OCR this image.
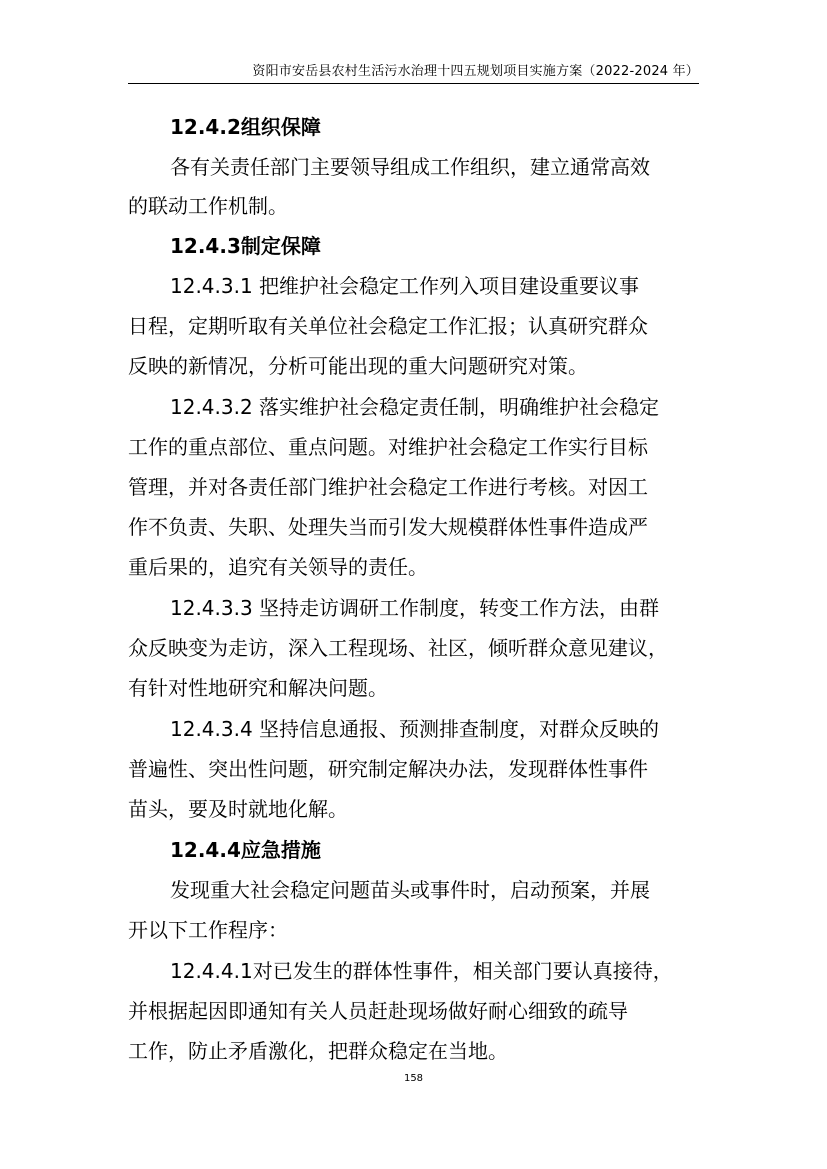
资阳市安岳县农村生活污水治理十四五规划项目实施方案（2022-2024 年）
12.4.2组织保障
各有关责任部门主要领导组成工作组织，建立通常高效
的联动工作机制。
12.4.3制定保障
12.4.3.1 把维护社会稳定工作列入项目建设重要议事
日程，定期听取有关单位社会稳定工作汇报；认真研究群众
反映的新情况，分析可能出现的重大问题研究对策。
12.4.3.2 落实维护社会稳定责任制，明确维护社会稳定
工作的重点部位、重点问题。对维护社会稳定工作实行目标
管理，并对各责任部门维护社会稳定工作进行考核。对因工
作不负责、失职、处理失当而引发大规模群体性事件造成严
重后果的，追究有关领导的责任。
12.4.3.3 坚持走访调研工作制度，转变工作方法，由群
众反映变为走访，深入工程现场、社区，倾听群众意见建议，
有针对性地研究和解决问题。
12.4.3.4 坚持信息通报、预测排查制度，对群众反映的
普遍性、突出性问题，研究制定解决办法，发现群体性事件
苗头，要及时就地化解。
12.4.4应急措施
发现重大社会稳定问题苗头或事件时，启动预案，并展
开以下工作程序：
12.4.4.1对已发生的群体性事件，相关部门要认真接待，
并根据起因即通知有关人员赶赴现场做好耐心细致的疏导
工作，防止矛盾激化，把群众稳定在当地。
158
